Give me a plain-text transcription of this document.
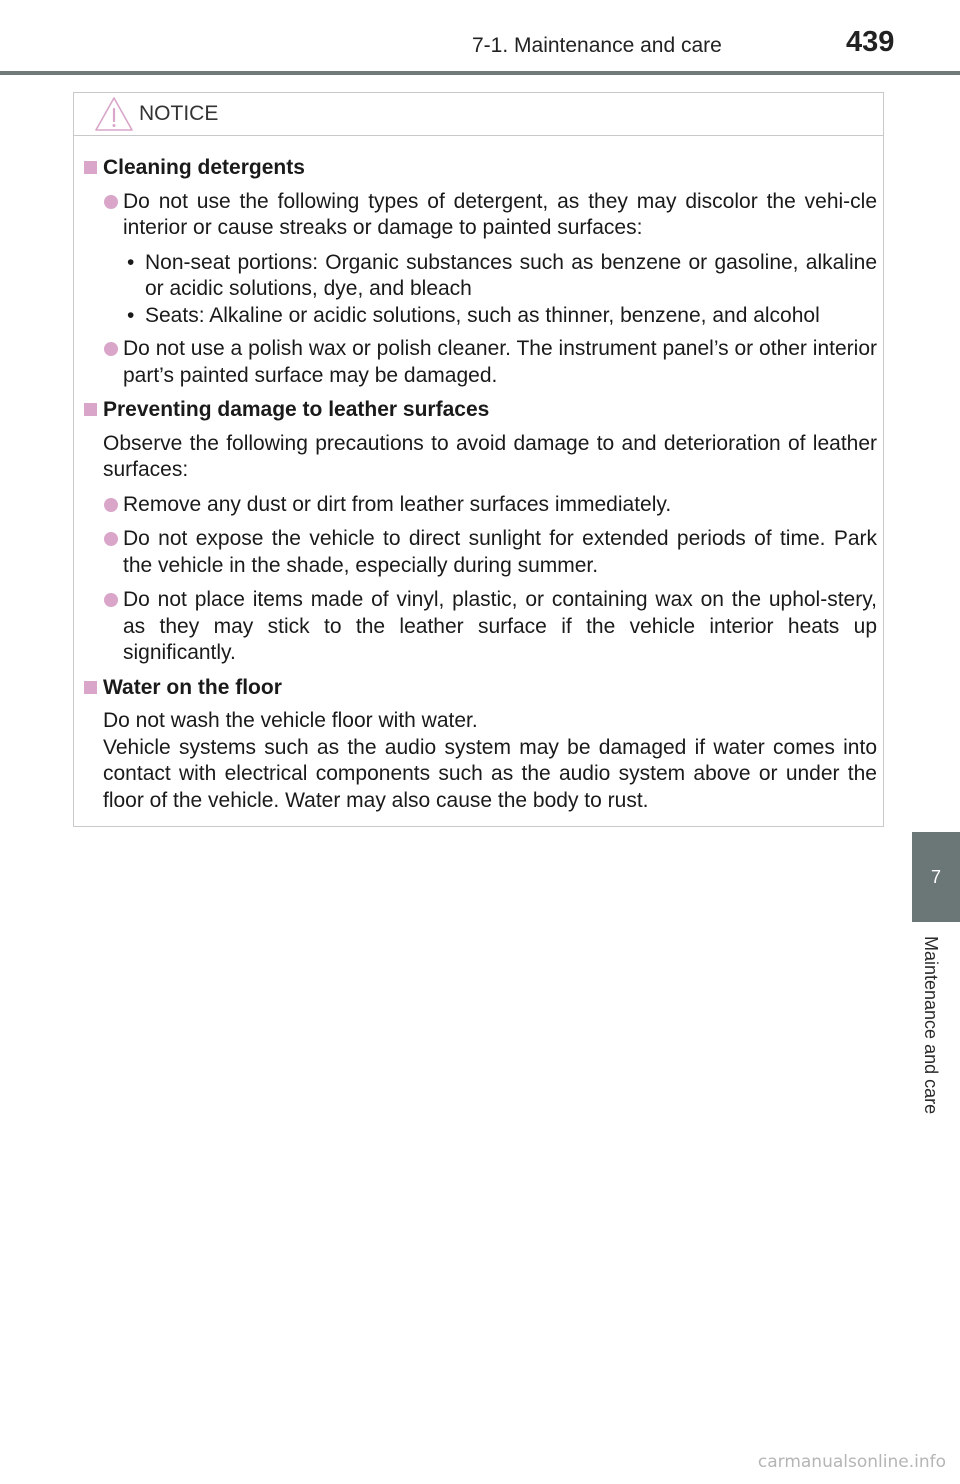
7-1. Maintenance and care	439
7
Maintenance and care
NOTICE
Cleaning detergents
Do not use the following types of detergent, as they may discolor the vehi-cle interior or cause streaks or damage to painted surfaces:
• Non-seat portions: Organic substances such as benzene or gasoline, alkaline or acidic solutions, dye, and bleach
• Seats: Alkaline or acidic solutions, such as thinner, benzene, and alcohol
Do not use a polish wax or polish cleaner. The instrument panel’s or other interior part’s painted surface may be damaged.
Preventing damage to leather surfaces
Observe the following precautions to avoid damage to and deterioration of leather surfaces:
Remove any dust or dirt from leather surfaces immediately.
Do not expose the vehicle to direct sunlight for extended periods of time. Park the vehicle in the shade, especially during summer.
Do not place items made of vinyl, plastic, or containing wax on the uphol-stery, as they may stick to the leather surface if the vehicle interior heats up significantly.
Water on the floor
Do not wash the vehicle floor with water.
Vehicle systems such as the audio system may be damaged if water comes into contact with electrical components such as the audio system above or under the floor of the vehicle. Water may also cause the body to rust.
carmanualsonline.info
